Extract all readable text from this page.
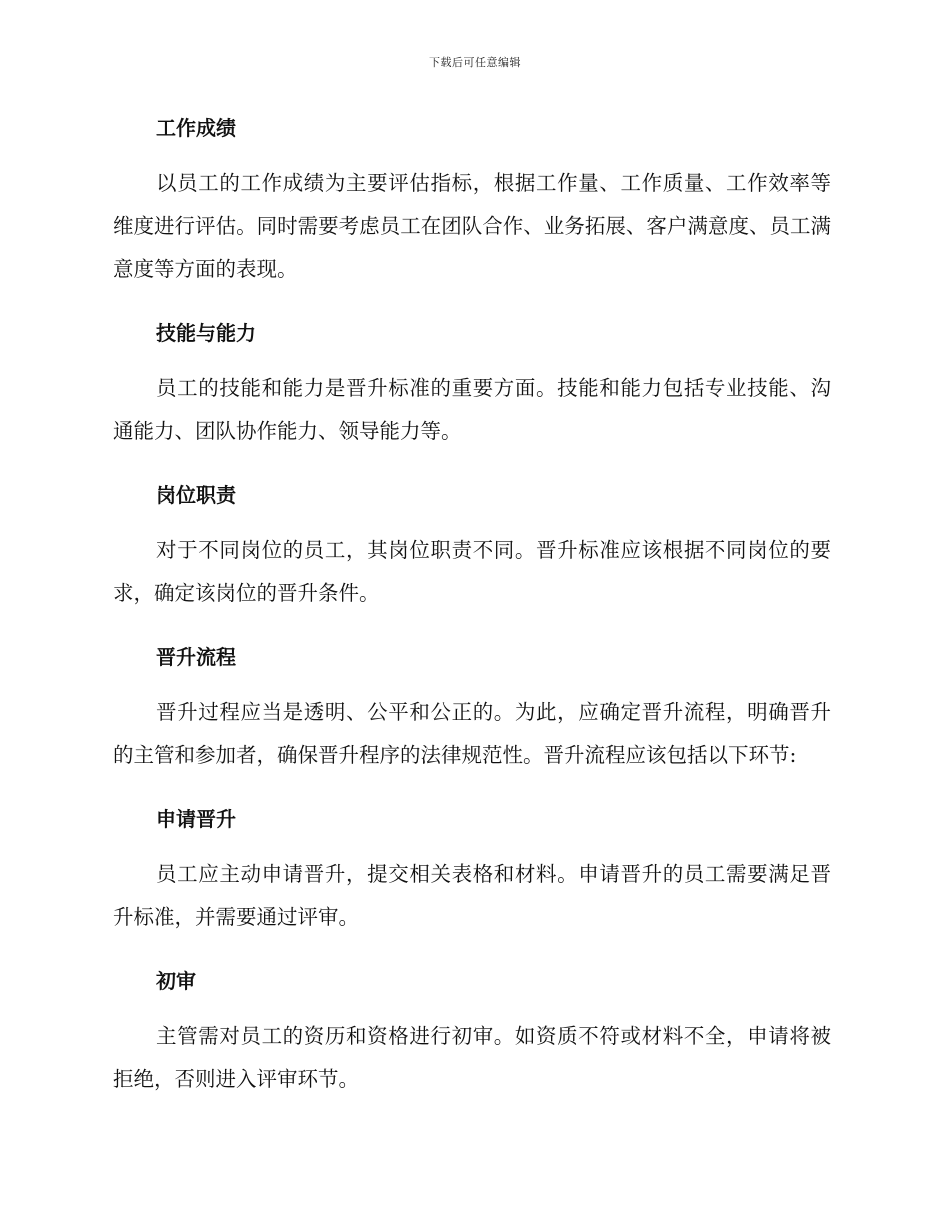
下载后可任意编辑
工作成绩

以员工的工作成绩为主要评估指标，根据工作量、工作质量、工作效率等维度进行评估。同时需要考虑员工在团队合作、业务拓展、客户满意度、员工满意度等方面的表现。

技能与能力

员工的技能和能力是晋升标准的重要方面。技能和能力包括专业技能、沟通能力、团队协作能力、领导能力等。

岗位职责

对于不同岗位的员工，其岗位职责不同。晋升标准应该根据不同岗位的要求，确定该岗位的晋升条件。

晋升流程

晋升过程应当是透明、公平和公正的。为此，应确定晋升流程，明确晋升的主管和参加者，确保晋升程序的法律规范性。晋升流程应该包括以下环节:

申请晋升

员工应主动申请晋升，提交相关表格和材料。申请晋升的员工需要满足晋升标准，并需要通过评审。

初审

主管需对员工的资历和资格进行初审。如资质不符或材料不全，申请将被拒绝，否则进入评审环节。
